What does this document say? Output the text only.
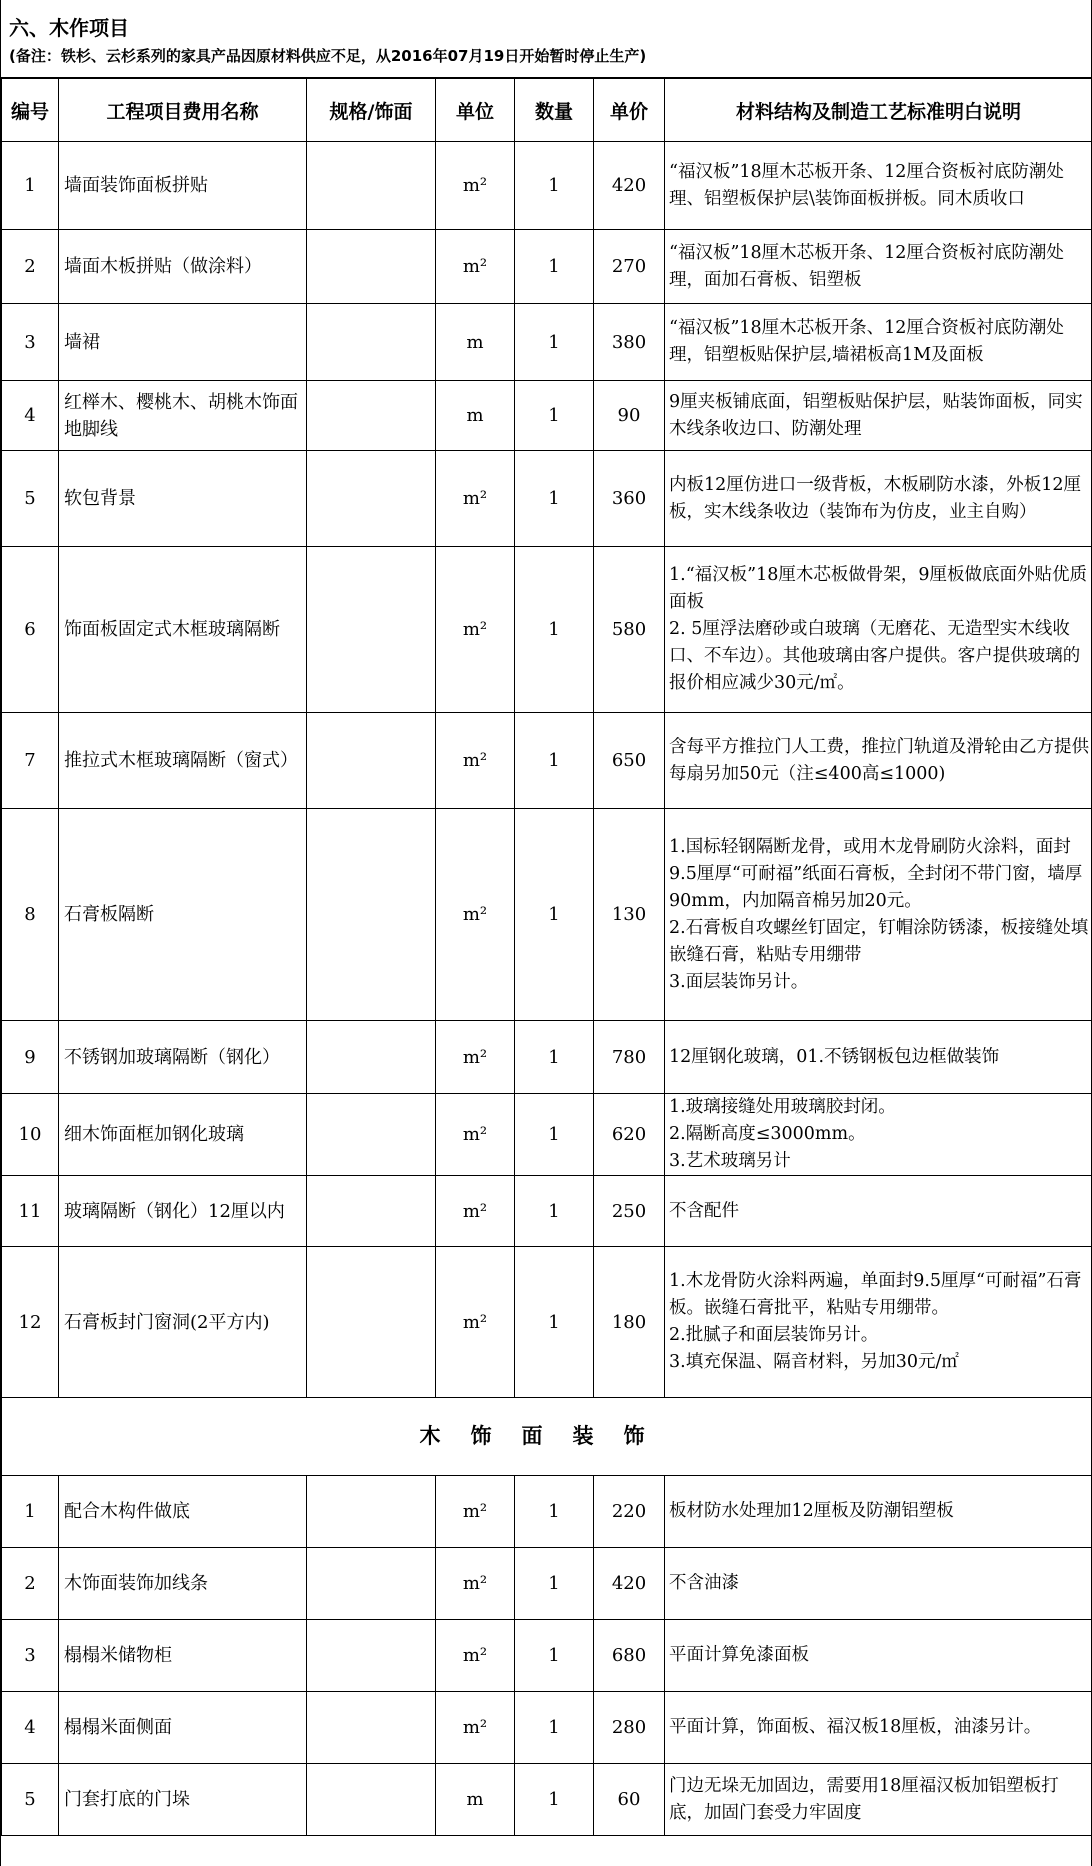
六、木作项目
(备注：铁杉、云杉系列的家具产品因原材料供应不足，从2016年07月19日开始暂时停止生产)
编号	工程项目费用名称	规格/饰面	单位	数量	单价	材料结构及制造工艺标准明白说明
1	墙面装饰面板拼贴		m²	1	420	“福汉板”18厘木芯板开条、12厘合资板衬底防潮处理、铝塑板保护层\装饰面板拼板。同木质收口

2	墙面木板拼贴（做涂料）		m²	1	270	“福汉板”18厘木芯板开条、12厘合资板衬底防潮处理，面加石膏板、铝塑板

3	墙裙		m	1	380	“福汉板”18厘木芯板开条、12厘合资板衬底防潮处理，铝塑板贴保护层,墙裙板高1M及面板

4	红榉木、樱桃木、胡桃木饰面地脚线		m	1	90	9厘夹板铺底面，铝塑板贴保护层，贴装饰面板，同实木线条收边口、防潮处理

5	软包背景		m²	1	360	内板12厘仿进口一级背板，木板刷防水漆，外板12厘板，实木线条收边（装饰布为仿皮，业主自购）

6	饰面板固定式木框玻璃隔断		m²	1	580	1.“福汉板”18厘木芯板做骨架，9厘板做底面外贴优质面板
2. 5厘浮法磨砂或白玻璃（无磨花、无造型实木线收口、不车边）。其他玻璃由客户提供。客户提供玻璃的报价相应减少30元/㎡。

7	推拉式木框玻璃隔断（窗式）		m²	1	650	含每平方推拉门人工费，推拉门轨道及滑轮由乙方提供每扇另加50元（注≤400高≤1000)

8	石膏板隔断		m²	1	130	1.国标轻钢隔断龙骨，或用木龙骨刷防火涂料，面封9.5厘厚“可耐福”纸面石膏板，全封闭不带门窗，墙厚90mm，内加隔音棉另加20元。
2.石膏板自攻螺丝钉固定，钉帽涂防锈漆，板接缝处填嵌缝石膏，粘贴专用绷带
3.面层装饰另计。

9	不锈钢加玻璃隔断（钢化）		m²	1	780	12厘钢化玻璃，01.不锈钢板包边框做装饰

10	细木饰面框加钢化玻璃		m²	1	620	1.玻璃接缝处用玻璃胶封闭。
2.隔断高度≤3000mm。
3.艺术玻璃另计

11	玻璃隔断（钢化）12厘以内		m²	1	250	不含配件

12	石膏板封门窗洞(2平方内)		m²	1	180	1.木龙骨防火涂料两遍，单面封9.5厘厚“可耐福”石膏板。嵌缝石膏批平，粘贴专用绷带。
2.批腻子和面层装饰另计。
3.填充保温、隔音材料，另加30元/㎡

木饰面装饰						
1	配合木构件做底		m²	1	220	板材防水处理加12厘板及防潮铝塑板

2	木饰面装饰加线条		m²	1	420	不含油漆

3	榻榻米储物柜		m²	1	680	平面计算免漆面板

4	榻榻米面侧面		m²	1	280	平面计算，饰面板、福汉板18厘板，油漆另计。

5	门套打底的门垛		m	1	60	门边无垛无加固边，需要用18厘福汉板加铝塑板打底，加固门套受力牢固度
